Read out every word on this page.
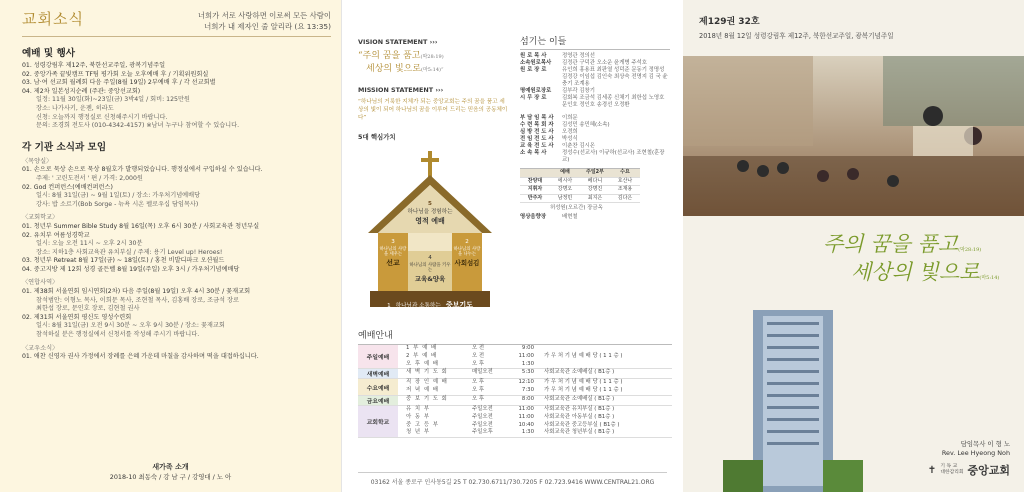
교회소식	너희가 서로 사랑하면 이로써 모든 사람이
너희가 내 제자인 줄 알리라 (요 13:35)
예배 및 행사
01. 성령강림후 제12주, 북한선교주일, 광복기념주일
02. 중앙가족 끝빛캠프 TF팀 평가회 오늘 오후예배 후 / 기획위원회실
03. 남·여 선교회 월례회 다음 주일(8월 19일) 2부예배 후 / 각 선교회별
04. 제2차 일본성지순례 (주관: 중앙선교회)
일정: 11월 30일(화)~23일(금) 3박4일 / 회비: 125만원
장소: 나가사키, 운젠, 히라도
신청: 오늘까지 행정실로 신청해주시기 바랍니다.
문의: 조경희 전도사 (010-4342-4157) ※남녀 누구나 참여할 수 있습니다.
각 기관 소식과 모임
〈목양실〉
01. 손으로 묵상 손으로 묵상 8월호가 발행되었습니다. 행정실에서 구입하실 수 있습니다.
주제: ' 고린도전서 ' 편 / 가격: 2,000원
02. God 컨퍼런스(예배컨퍼런스)
일시: 8월 31일(금) ~ 9월 1일(토) / 장소: 가우처기념예배당
강사: 밥 소르기(Bob Sorge - 뉴욕 시온 펠로우십 담임목사)
〈교회학교〉
01. 청년부 Summer Bible Study 8월 16일(목) 오후 6시 30분 / 사회교육관 청년부실
02. 유치부 여름성경학교
일시: 오늘 오전 11시 ~ 오후 2시 30분
장소: 지하1층 사회교육관 유치부실 / 주제: 용기 Level up! Heroes!
03. 청년부 Retreat 8월 17일(금) ~ 18일(토) / 홍천 비발디파크 오션월드
04. 중고지방 제 12회 성경 골든벨 8월 19일(주일) 오후 3시 / 가우처기념예배당
〈연합사역〉
01. 제38회 서울연회 임시연회(2차) 다음 주일(8월 19일) 오후 4시 30분 / 꽃재교회
참석범안: 이형노 목사, 이희문 목사, 조현철 목사, 김홍배 장로, 조금석 장로
최한섭 장로, 문인호 장로, 김현철 권사
02. 제31회 서울연회 평신도 영성수련회
일시: 8월 31일(금) 오전 9시 30분 ~ 오후 9시 30분 / 장소: 꽃재교회
참석하실 분은 행정실에서 신청서를 작성해 주시기 바랍니다.
〈교우소식〉
01. 애찬 신영자 권사 가정에서 장례를 은혜 가운데 마칠을 감사하며 떡을 대접하십니다.
새가족 소개
2018-10 최동숙 / 강 남 구 / 강영대 / 노 아
VISION STATEMENT ›››
“주의 꿈을 품고(막28:19)
세상의 빛으로(마5:14)”
MISSION STATEMENT ›››
“하나님의 거룩한 지체가 되는 중앙교회는 주의 꿈을 품고 세상의 빛이 되어 하나님의 꿈을 이루어 드리는 믿음의 공동체이다”
5대 핵심가치
5
하나님을 경험하는
영적 예배
3
하나님의 사랑을 세우는
선교
4
하나님의 사람을 키우는
교육&양육
2
하나님의 사랑을 나누는
사회섬김
1 하나님과 소통하는 중보기도
섬기는 이들
원 로 목 사	정영관 정의선
소속원로목사	김정관 구덕관 오소운 윤게병 주석호
원 로 장 로	유인희 홍용표 최판열 성덕준 문동기 정명성 김정강 이임섭 김인숙 최상숙 전명지 김 국 윤충기 조계용
명예원로장로	김부각 김창기
시 무 장 로	김회복 조금석 김세종 신채기 최한섭 노영호 문인호 정인호 송경선 오정환
부 담 임 목 사	이희문
수 련 목 회 자	김성민 송민혜(소속)
심 방 전 도 사	오경희
전 임 전 도 사	박성식
교 육 전 도 사	이춘찬 김시온
소 속 목 사	정성수(선교사) 이규하(선교사) 조현철(훈장교)
예배	주일2부	수요
찬양대	에시아	베다니	호산나
지휘자	강명오	강명진	조재용
반주자	남정민	최지은	김다은
허성원(오르간) 장금옥
영상음향장	배현철
예배안내
주일예배
1 부 예 배	오 전	9:00
2 부 예 배	오 전	11:00	가 우 처 기 념 예 배 당 ( 1 1 층 )
오 후 예 배	오 후	1:30
새벽예배	새 벽 기 도 회	매일오전	5:30	사회교육관 소예배실 ( B1층 )
수요예배
직 장 인 예 배	오 후	12:10	가 우 처 기 념 예 배 당 ( 1 1 층 )
저 녁 예 배	오 후	7:30	가 우 처 기 념 예 배 당 ( 1 1 층 )
금요예배	중 보 기 도 회	오 후	8:00	사회교육관 소예배실 ( B1층 )
교회학교
유 치 부	주일오전	11:00	사회교육관 유치부실 ( B1층 )
아 동 부	주일오전	11:00	사회교육관 아동부실 ( B1층 )
중 고 등 부	주일오전	10:40	사회교육관 중고등부실 ( B1층 )
청 년 부	주일오후	1:30	사회교육관 청년부실 ( B1층 )
03162 서울 종로구 인사동5길 25 T 02.730.6711/730.7205 F 02.723.9416 WWW.CENTRAL21.ORG
제129권 32호
2018년 8월 12일 성령강림후 제12주, 북한선교주일, 광복기념주일
주의 꿈을 품고(막28:19)
세상의 빛으로(마5:14)
담임목사 이 형 노
Rev. Lee Hyeong Noh
✝ 기 독 교
대한감리회 중앙교회
